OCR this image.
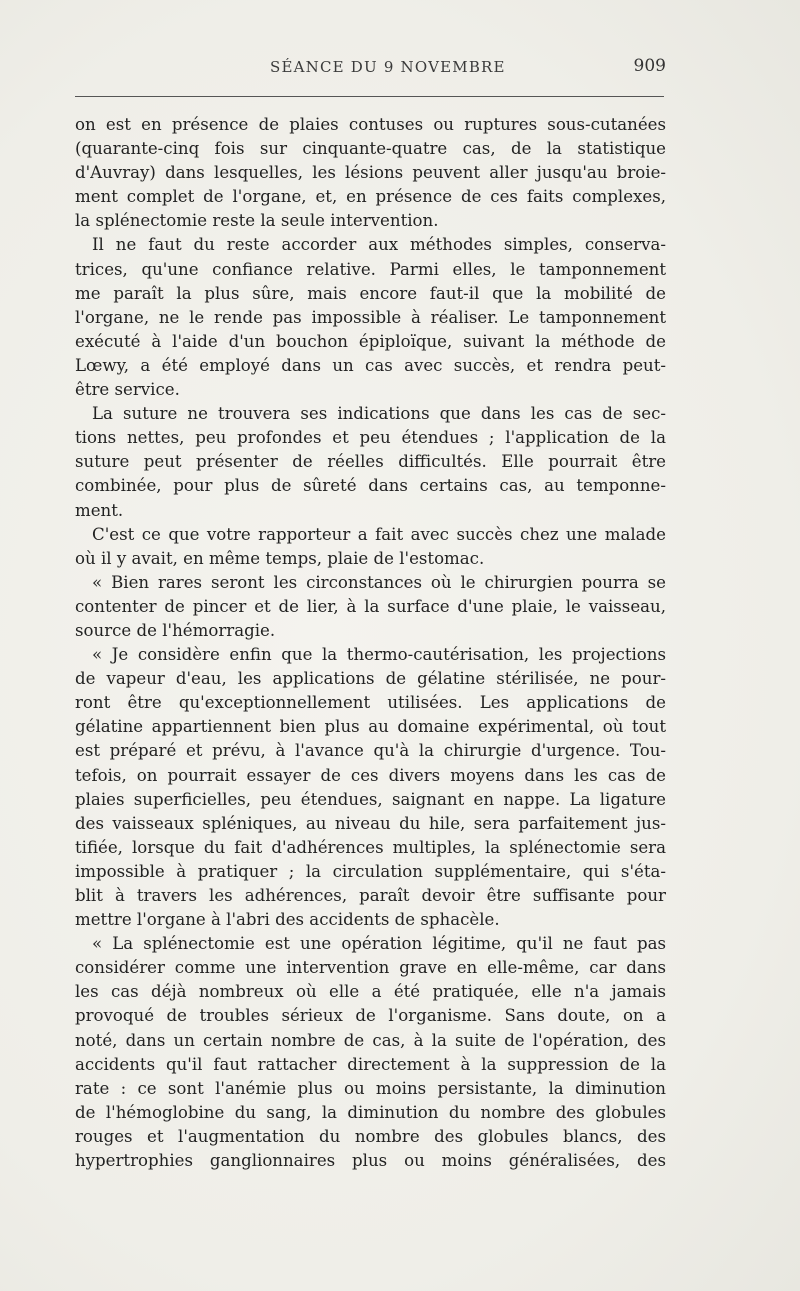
SÉANCE DU 9 NOVEMBRE	909
on est en présence de plaies contuses ou ruptures sous-cutanées
(quarante-cinq fois sur cinquante-quatre cas, de la statistique
d'Auvray) dans lesquelles, les lésions peuvent aller jusqu'au broie-
ment complet de l'organe, et, en présence de ces faits complexes,
la splénectomie reste la seule intervention.
Il ne faut du reste accorder aux méthodes simples, conserva-
trices, qu'une confiance relative. Parmi elles, le tamponnement
me paraît la plus sûre, mais encore faut-il que la mobilité de
l'organe, ne le rende pas impossible à réaliser. Le tamponnement
exécuté à l'aide d'un bouchon épiploïque, suivant la méthode de
Lœwy, a été employé dans un cas avec succès, et rendra peut-
être service.
La suture ne trouvera ses indications que dans les cas de sec-
tions nettes, peu profondes et peu étendues ; l'application de la
suture peut présenter de réelles difficultés. Elle pourrait être
combinée, pour plus de sûreté dans certains cas, au temponne-
ment.
C'est ce que votre rapporteur a fait avec succès chez une malade
où il y avait, en même temps, plaie de l'estomac.
« Bien rares seront les circonstances où le chirurgien pourra se
contenter de pincer et de lier, à la surface d'une plaie, le vaisseau,
source de l'hémorragie.
« Je considère enfin que la thermo-cautérisation, les projections
de vapeur d'eau, les applications de gélatine stérilisée, ne pour-
ront être qu'exceptionnellement utilisées. Les applications de
gélatine appartiennent bien plus au domaine expérimental, où tout
est préparé et prévu, à l'avance qu'à la chirurgie d'urgence. Tou-
tefois, on pourrait essayer de ces divers moyens dans les cas de
plaies superficielles, peu étendues, saignant en nappe. La ligature
des vaisseaux spléniques, au niveau du hile, sera parfaitement jus-
tifiée, lorsque du fait d'adhérences multiples, la splénectomie sera
impossible à pratiquer ; la circulation supplémentaire, qui s'éta-
blit à travers les adhérences, paraît devoir être suffisante pour
mettre l'organe à l'abri des accidents de sphacèle.
« La splénectomie est une opération légitime, qu'il ne faut pas
considérer comme une intervention grave en elle-même, car dans
les cas déjà nombreux où elle a été pratiquée, elle n'a jamais
provoqué de troubles sérieux de l'organisme. Sans doute, on a
noté, dans un certain nombre de cas, à la suite de l'opération, des
accidents qu'il faut rattacher directement à la suppression de la
rate : ce sont l'anémie plus ou moins persistante, la diminution
de l'hémoglobine du sang, la diminution du nombre des globules
rouges et l'augmentation du nombre des globules blancs, des
hypertrophies ganglionnaires plus ou moins généralisées, des
